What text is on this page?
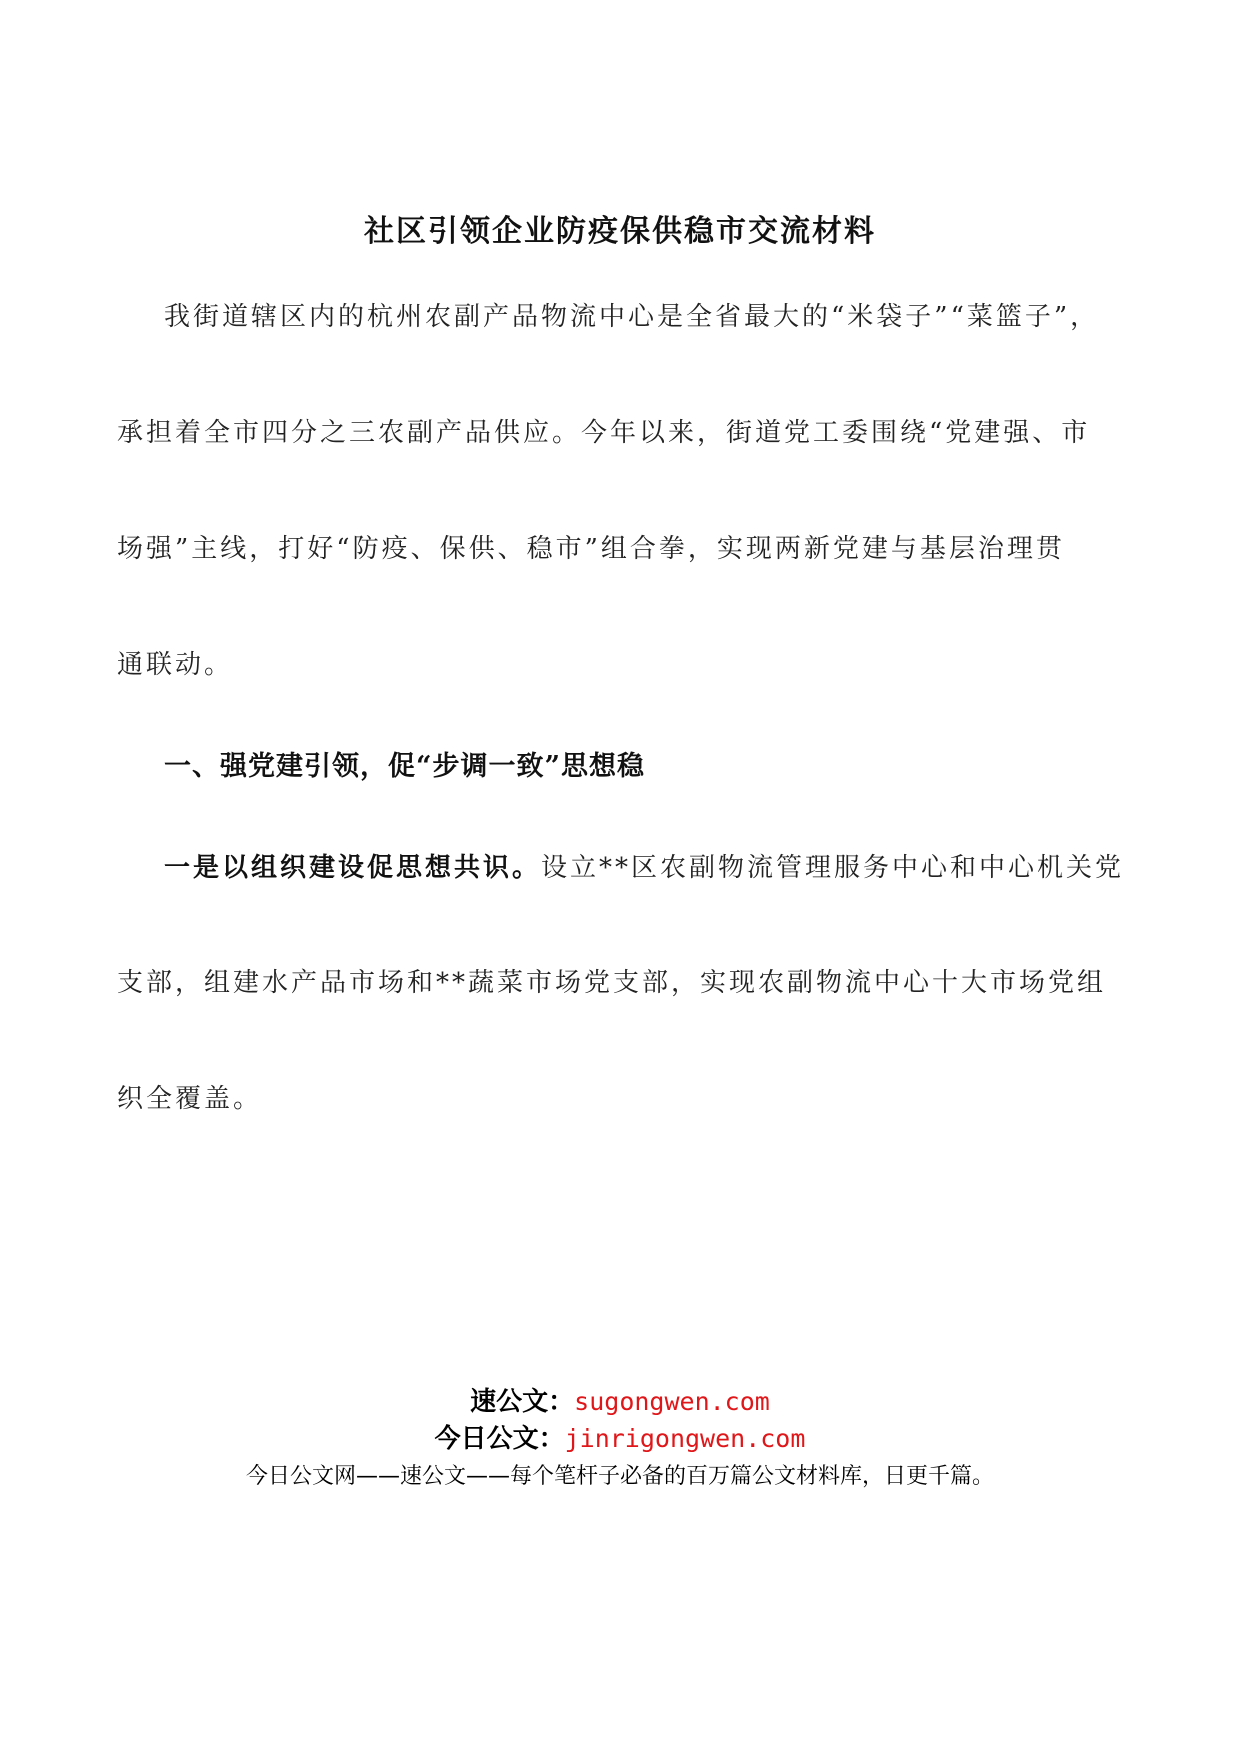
社区引领企业防疫保供稳市交流材料
我街道辖区内的杭州农副产品物流中心是全省最大的“米袋子”“菜篮子”，
承担着全市四分之三农副产品供应。今年以来，街道党工委围绕“党建强、市
场强”主线，打好“防疫、保供、稳市”组合拳，实现两新党建与基层治理贯
通联动。
一、强党建引领，促“步调一致”思想稳
一是以组织建设促思想共识。设立**区农副物流管理服务中心和中心机关党
支部，组建水产品市场和**蔬菜市场党支部，实现农副物流中心十大市场党组
织全覆盖。
速公文：sugongwen.com
今日公文：jinrigongwen.com
今日公文网——速公文——每个笔杆子必备的百万篇公文材料库，日更千篇。
